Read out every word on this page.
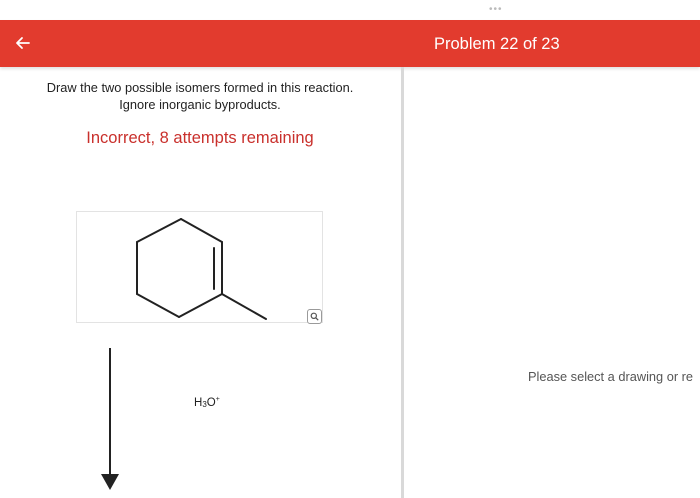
•••
Problem 22 of 23
Draw the two possible isomers formed in this reaction.
Ignore inorganic byproducts.
Incorrect, 8 attempts remaining
H3O+
Please select a drawing or re
